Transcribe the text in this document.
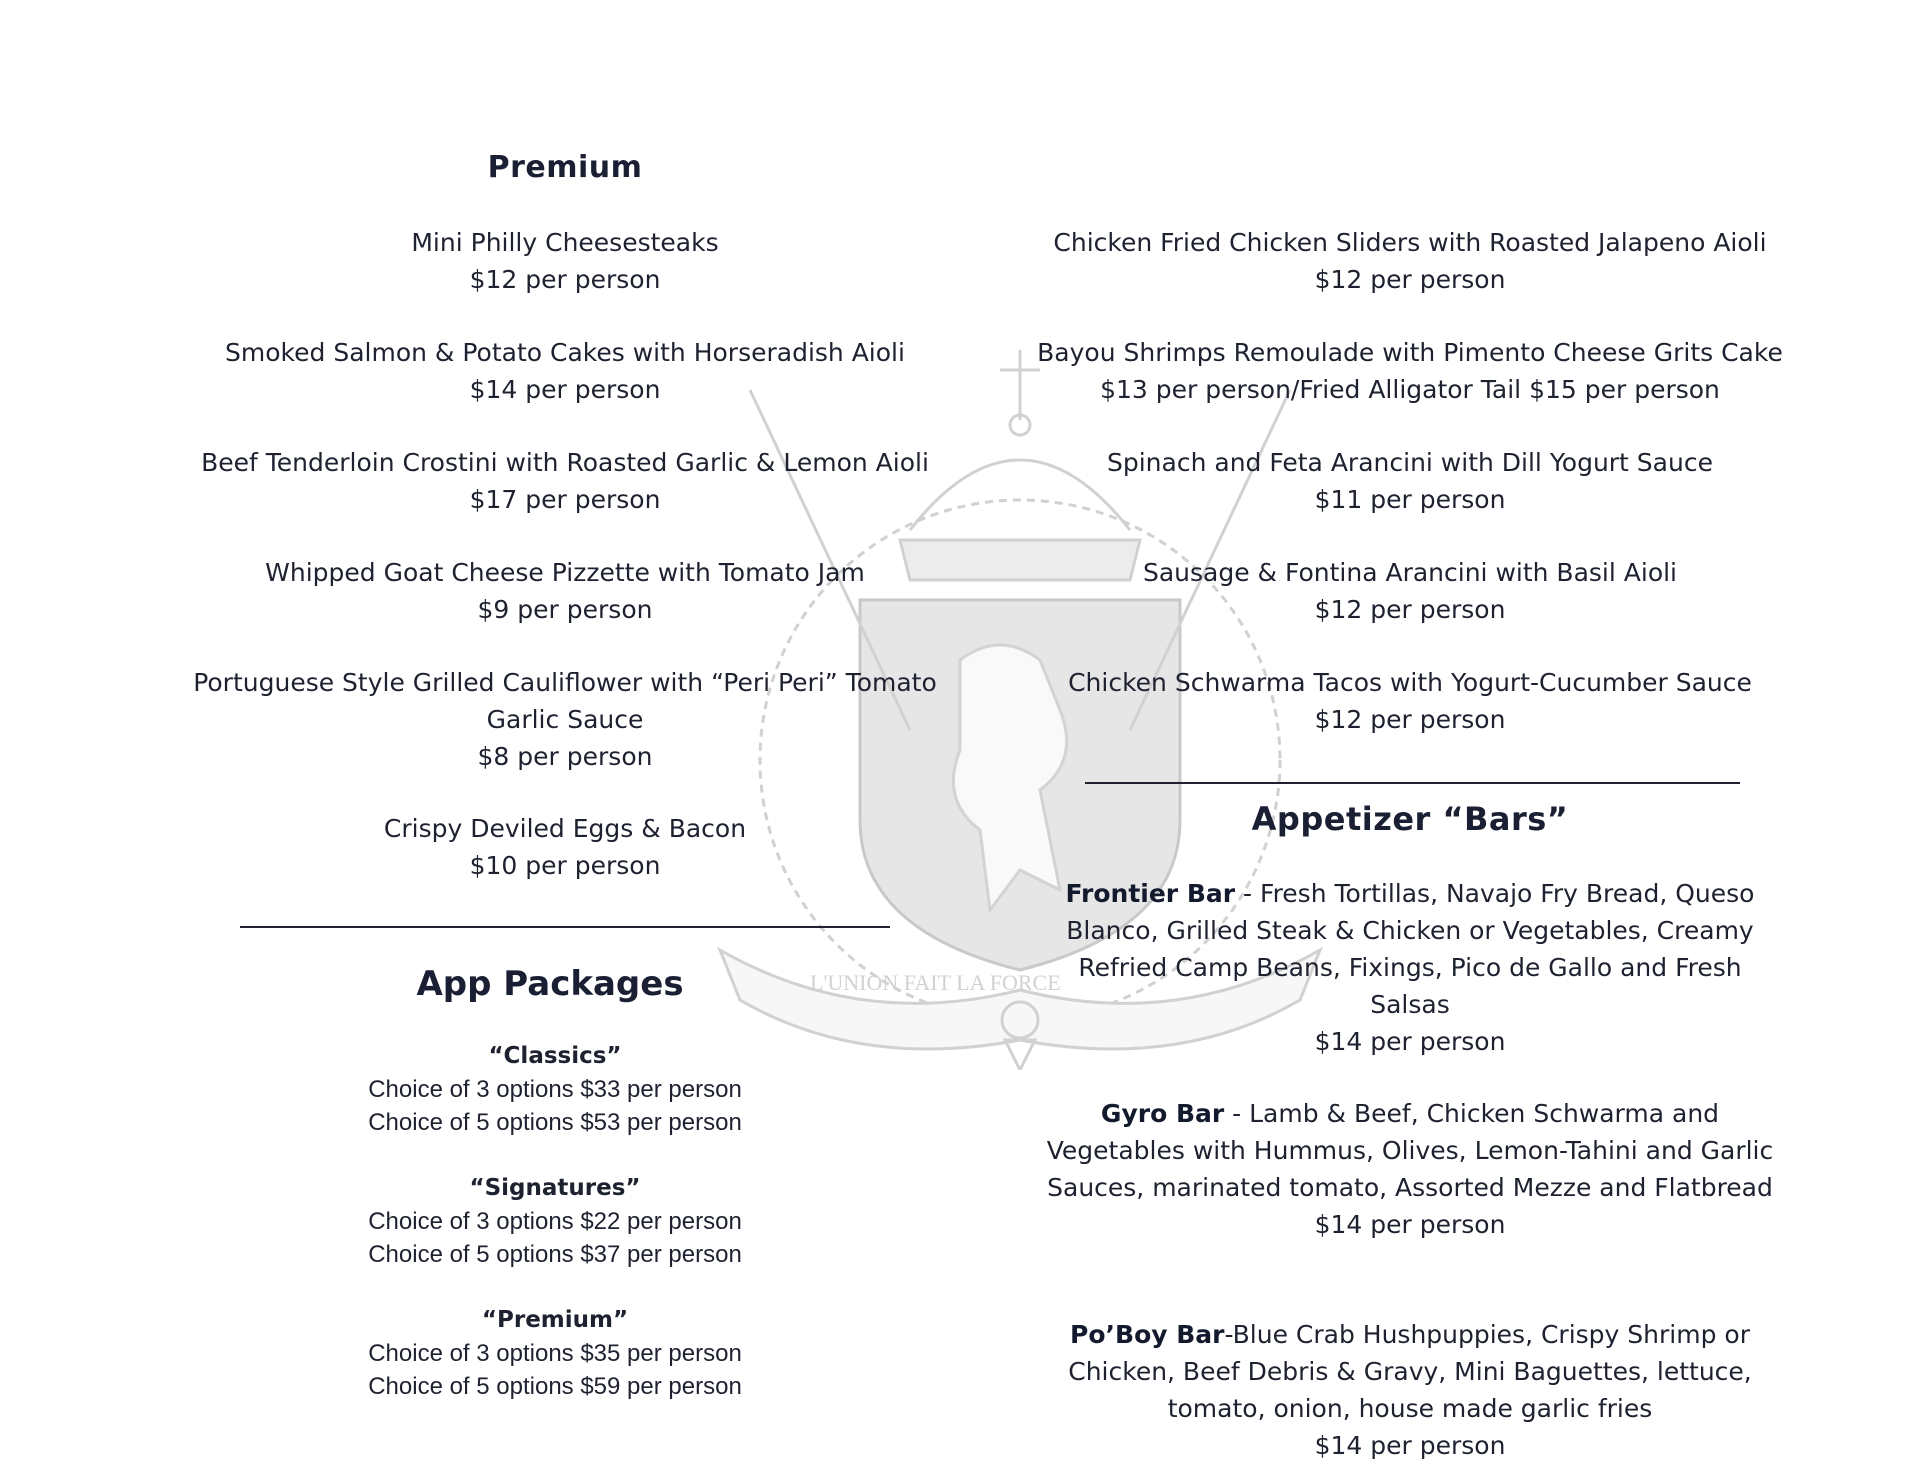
L'UNION FAIT LA FORCE
Premium
Mini Philly Cheesesteaks
$12 per person
Smoked Salmon & Potato Cakes with Horseradish Aioli
$14 per person
Beef Tenderloin Crostini with Roasted Garlic & Lemon Aioli
$17 per person
Whipped Goat Cheese Pizzette with Tomato Jam
$9 per person
Portuguese Style Grilled Cauliflower with “Peri Peri” Tomato Garlic Sauce
$8 per person
Crispy Deviled Eggs & Bacon
$10 per person
App Packages
“Classics”
Choice of 3 options $33 per person
Choice of 5 options $53 per person
“Signatures”
Choice of 3 options $22 per person
Choice of 5 options $37 per person
“Premium”
Choice of 3 options $35 per person
Choice of 5 options $59 per person
Chicken Fried Chicken Sliders with Roasted Jalapeno Aioli
$12 per person
Bayou Shrimps Remoulade with Pimento Cheese Grits Cake
$13 per person/Fried Alligator Tail $15 per person
Spinach and Feta Arancini with Dill Yogurt Sauce
$11 per person
Sausage & Fontina Arancini with Basil Aioli
$12 per person
Chicken Schwarma Tacos with Yogurt-Cucumber Sauce
$12 per person
Appetizer “Bars”
Frontier Bar - Fresh Tortillas, Navajo Fry Bread, Queso Blanco, Grilled Steak & Chicken or Vegetables, Creamy Refried Camp Beans, Fixings, Pico de Gallo and Fresh Salsas
$14 per person
Gyro Bar - Lamb & Beef, Chicken Schwarma and Vegetables with Hummus, Olives, Lemon-Tahini and Garlic Sauces, marinated tomato, Assorted Mezze and Flatbread
$14 per person
Po’Boy Bar-Blue Crab Hushpuppies, Crispy Shrimp or Chicken, Beef Debris & Gravy, Mini Baguettes, lettuce, tomato, onion, house made garlic fries
$14 per person
